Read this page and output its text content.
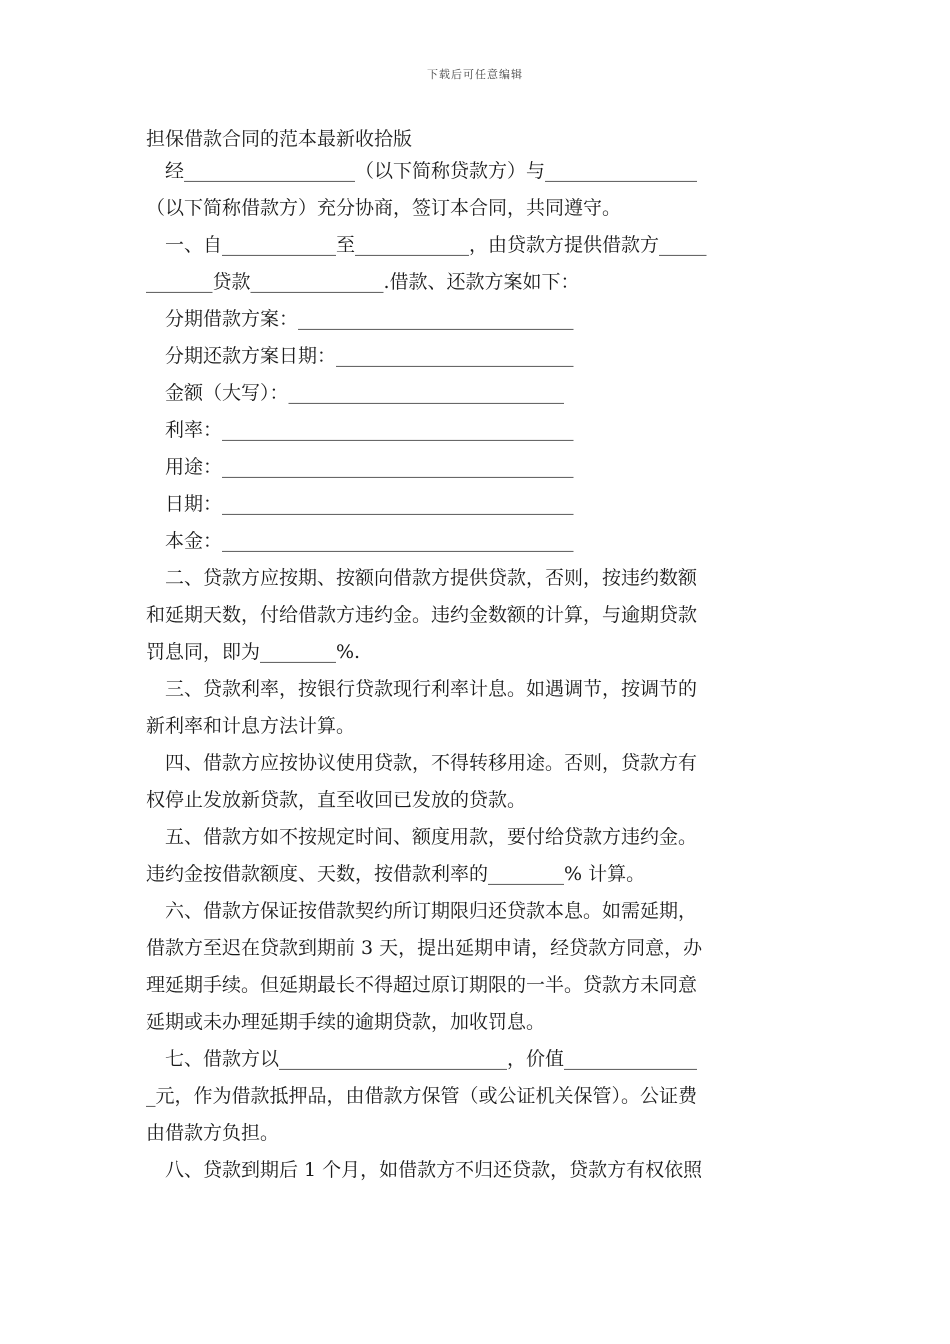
下载后可任意编辑
担保借款合同的范本最新收拾版
经__________________（以下简称贷款方）与________________
（以下简称借款方）充分协商，签订本合同，共同遵守。
一、自____________至____________，由贷款方提供借款方_____
_______贷款______________.借款、还款方案如下：
分期借款方案：_____________________________
分期还款方案日期：_________________________
金额（大写）：_____________________________
利率：_____________________________________
用途：_____________________________________
日期：_____________________________________
本金：_____________________________________
二、贷款方应按期、按额向借款方提供贷款，否则，按违约数额
和延期天数，付给借款方违约金。违约金数额的计算，与逾期贷款
罚息同，即为________%.
三、贷款利率，按银行贷款现行利率计息。如遇调节，按调节的
新利率和计息方法计算。
四、借款方应按协议使用贷款，不得转移用途。否则，贷款方有
权停止发放新贷款，直至收回已发放的贷款。
五、借款方如不按规定时间、额度用款，要付给贷款方违约金。
违约金按借款额度、天数，按借款利率的________% 计算。
六、借款方保证按借款契约所订期限归还贷款本息。如需延期，
借款方至迟在贷款到期前 3 天，提出延期申请，经贷款方同意，办
理延期手续。但延期最长不得超过原订期限的一半。贷款方未同意
延期或未办理延期手续的逾期贷款，加收罚息。
七、借款方以________________________，价值______________
_元，作为借款抵押品，由借款方保管（或公证机关保管）。公证费
由借款方负担。
八、贷款到期后 1 个月，如借款方不归还贷款，贷款方有权依照
